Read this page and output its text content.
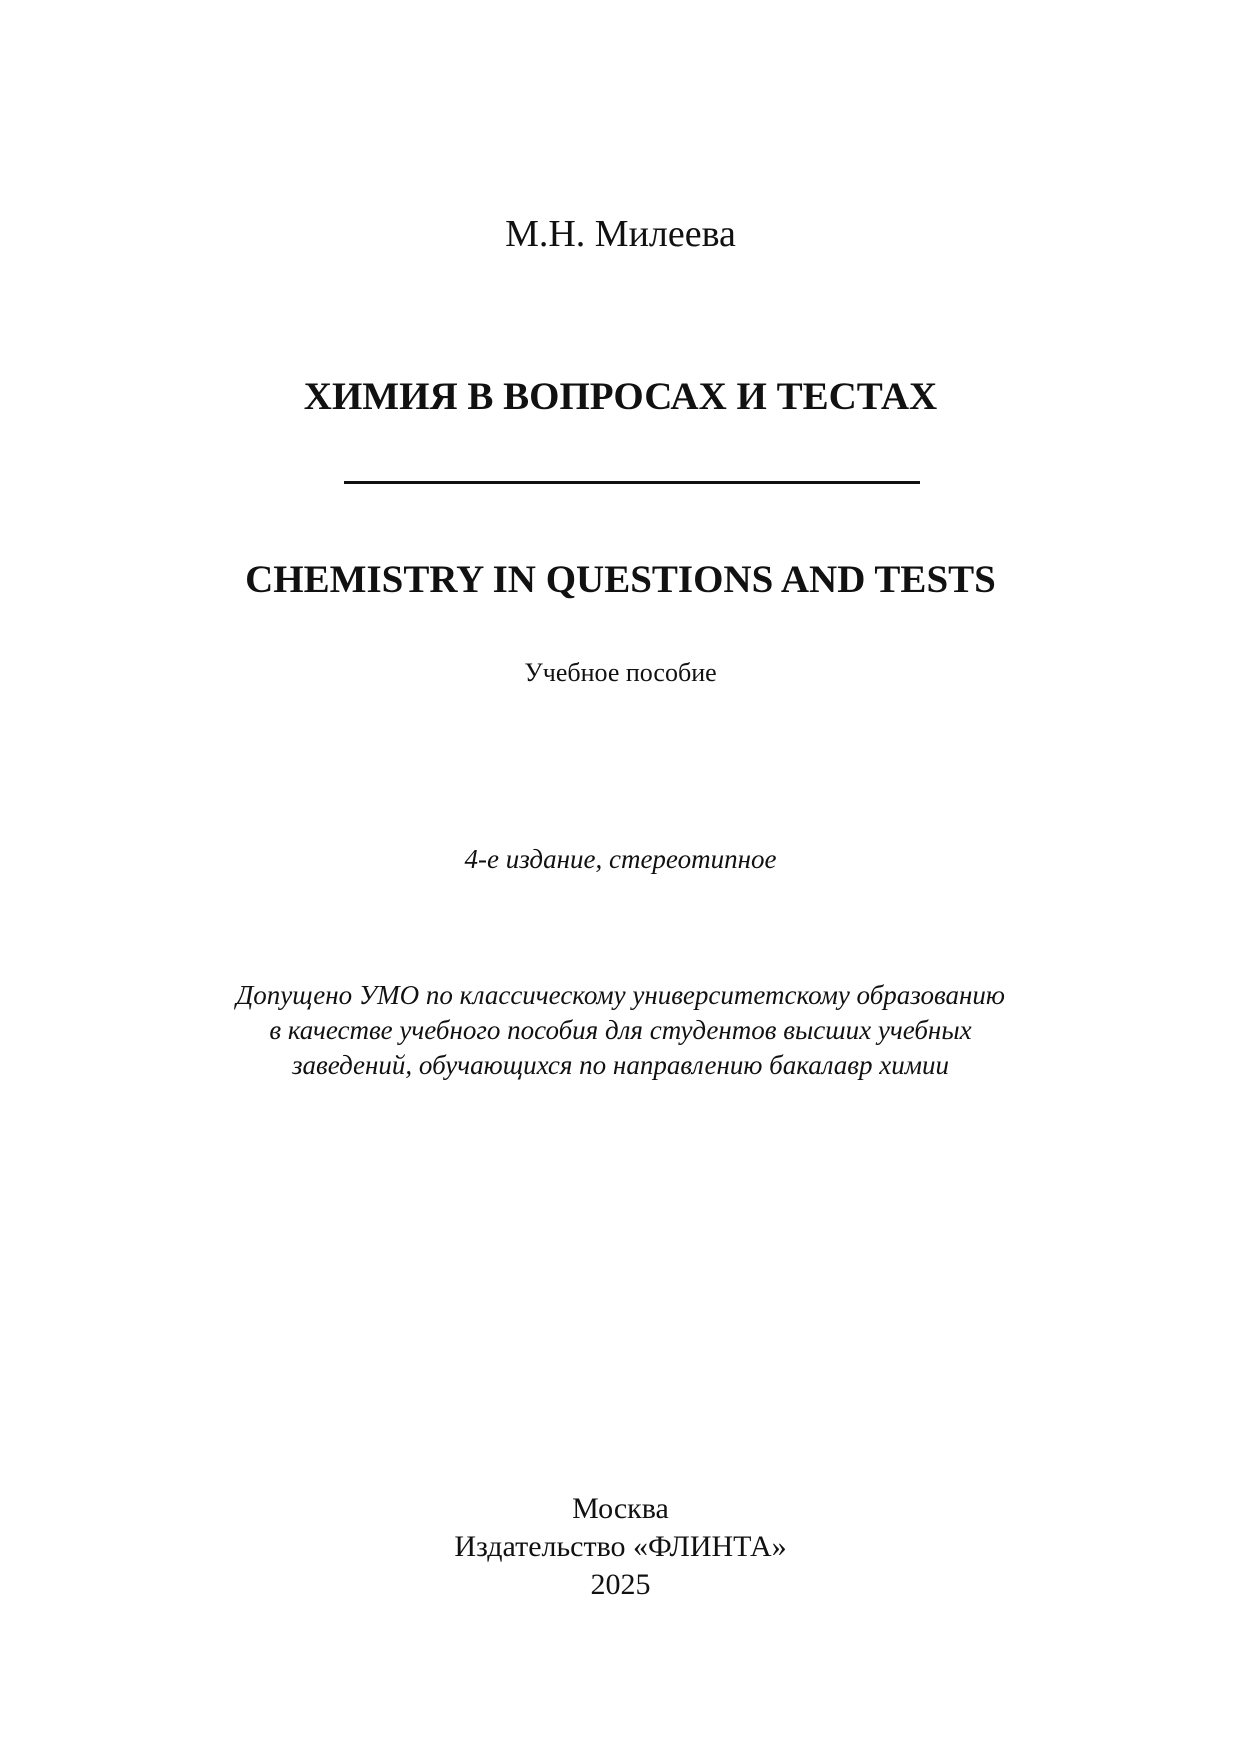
М.Н. Милеева
ХИМИЯ В ВОПРОСАХ И ТЕСТАХ
CHEMISTRY IN QUESTIONS AND TESTS
Учебное пособие
4-е издание, стереотипное
Допущено УМО по классическому университетскому образованию
в качестве учебного пособия для студентов высших учебных
заведений, обучающихся по направлению бакалавр химии
Москва
Издательство «ФЛИНТА»
2025
